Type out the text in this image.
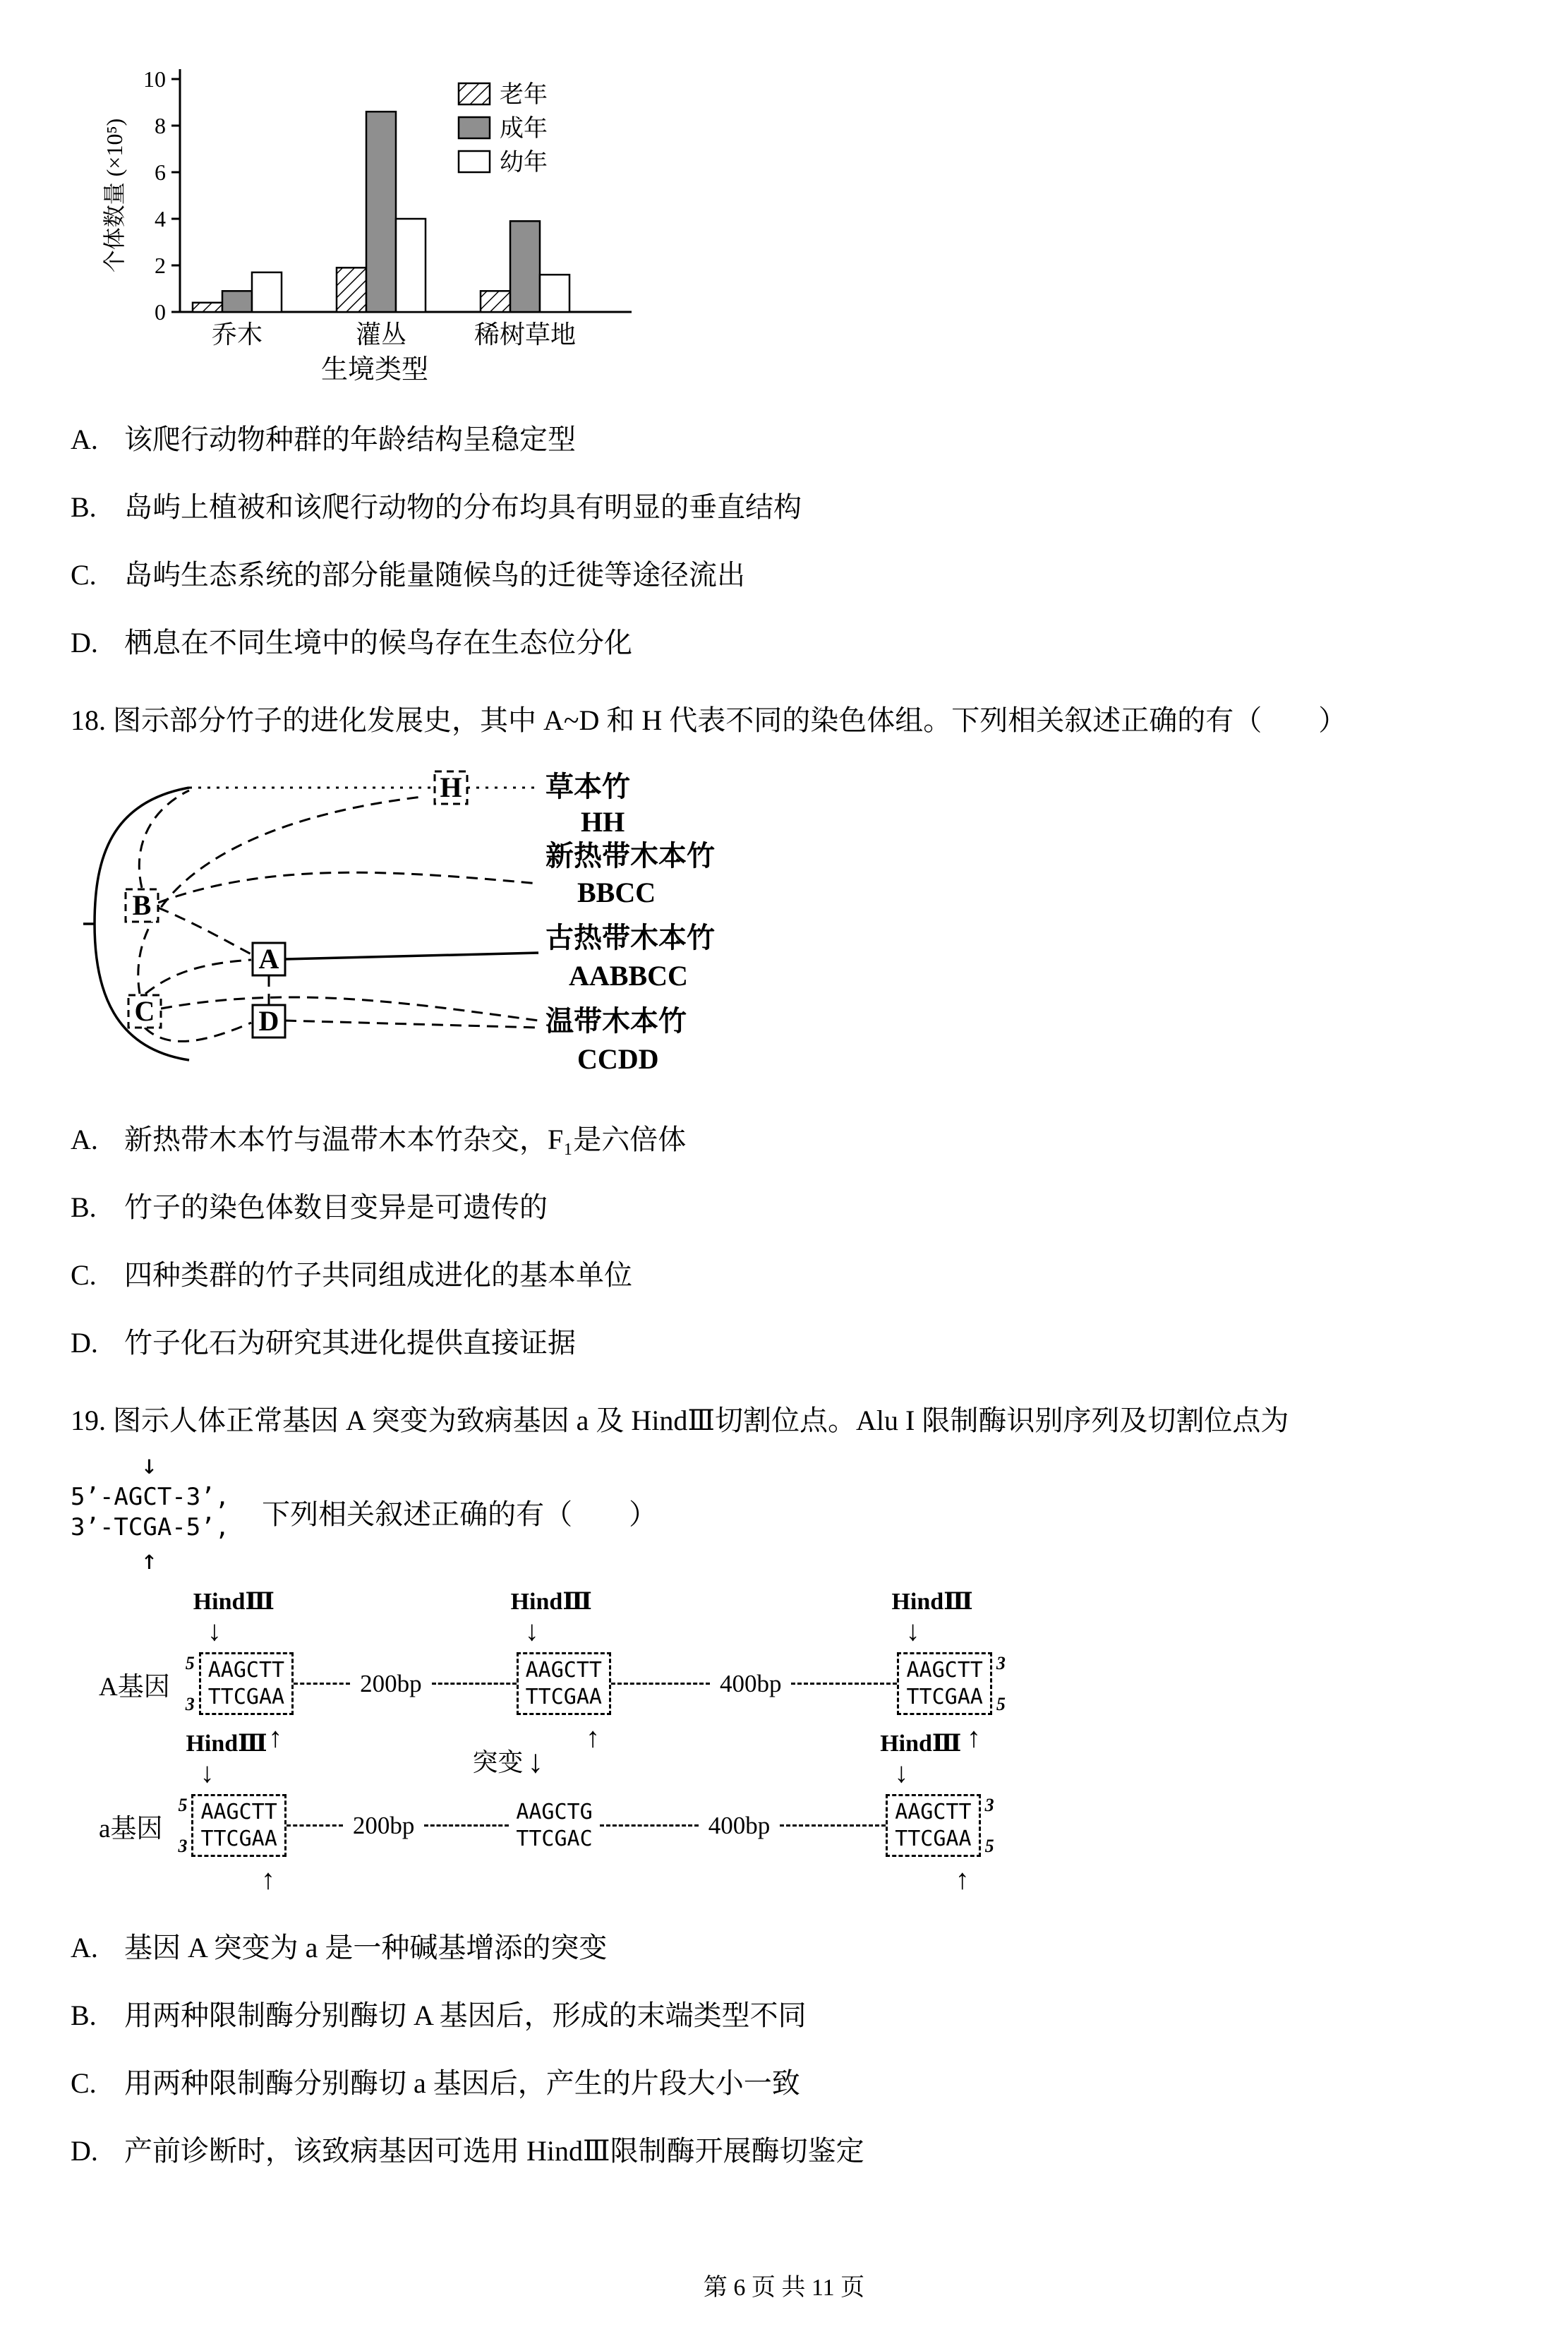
0
2
4
6
8
10
个体数量 (×10⁵)
乔木	灌丛	稀树草地
生境类型
老年
成年
幼年
A. 该爬行动物种群的年龄结构呈稳定型
B. 岛屿上植被和该爬行动物的分布均具有明显的垂直结构
C. 岛屿生态系统的部分能量随候鸟的迁徙等途径流出
D. 栖息在不同生境中的候鸟存在生态位分化
18. 图示部分竹子的进化发展史，其中 A~D 和 H 代表不同的染色体组。下列相关叙述正确的有（　　）
H
B
A
C	D
草本竹
HH
新热带木本竹
BBCC
古热带木本竹
AABBCC
温带木本竹
CCDD
A. 新热带木本竹与温带木本竹杂交，F₁是六倍体
B. 竹子的染色体数目变异是可遗传的
C. 四种类群的竹子共同组成进化的基本单位
D. 竹子化石为研究其进化提供直接证据
19. 图示人体正常基因 A 突变为致病基因 a 及 HindⅢ切割位点。Alu I 限制酶识别序列及切割位点为
↓
5’-AGCT-3’,
3’-TCGA-5’,
↑
下列相关叙述正确的有（　　）
A基因
5
3
HindⅢ
↓
AAGCTT
TTCGAA
↑
200bp
HindⅢ
↓
AAGCTT
TTCGAA
↑
400bp
HindⅢ
↓
AAGCTT
TTCGAA
↑
3
5
a基因
5
3
HindⅢ
↓
AAGCTT
TTCGAA
↑
200bp
突变 ↓
AAGCTG
TTCGAC	400bp
HindⅢ
↓
AAGCTT
TTCGAA
↑
3
5
A. 基因 A 突变为 a 是一种碱基增添的突变
B. 用两种限制酶分别酶切 A 基因后，形成的末端类型不同
C. 用两种限制酶分别酶切 a 基因后，产生的片段大小一致
D. 产前诊断时，该致病基因可选用 HindⅢ限制酶开展酶切鉴定
第 6 页 共 11 页
